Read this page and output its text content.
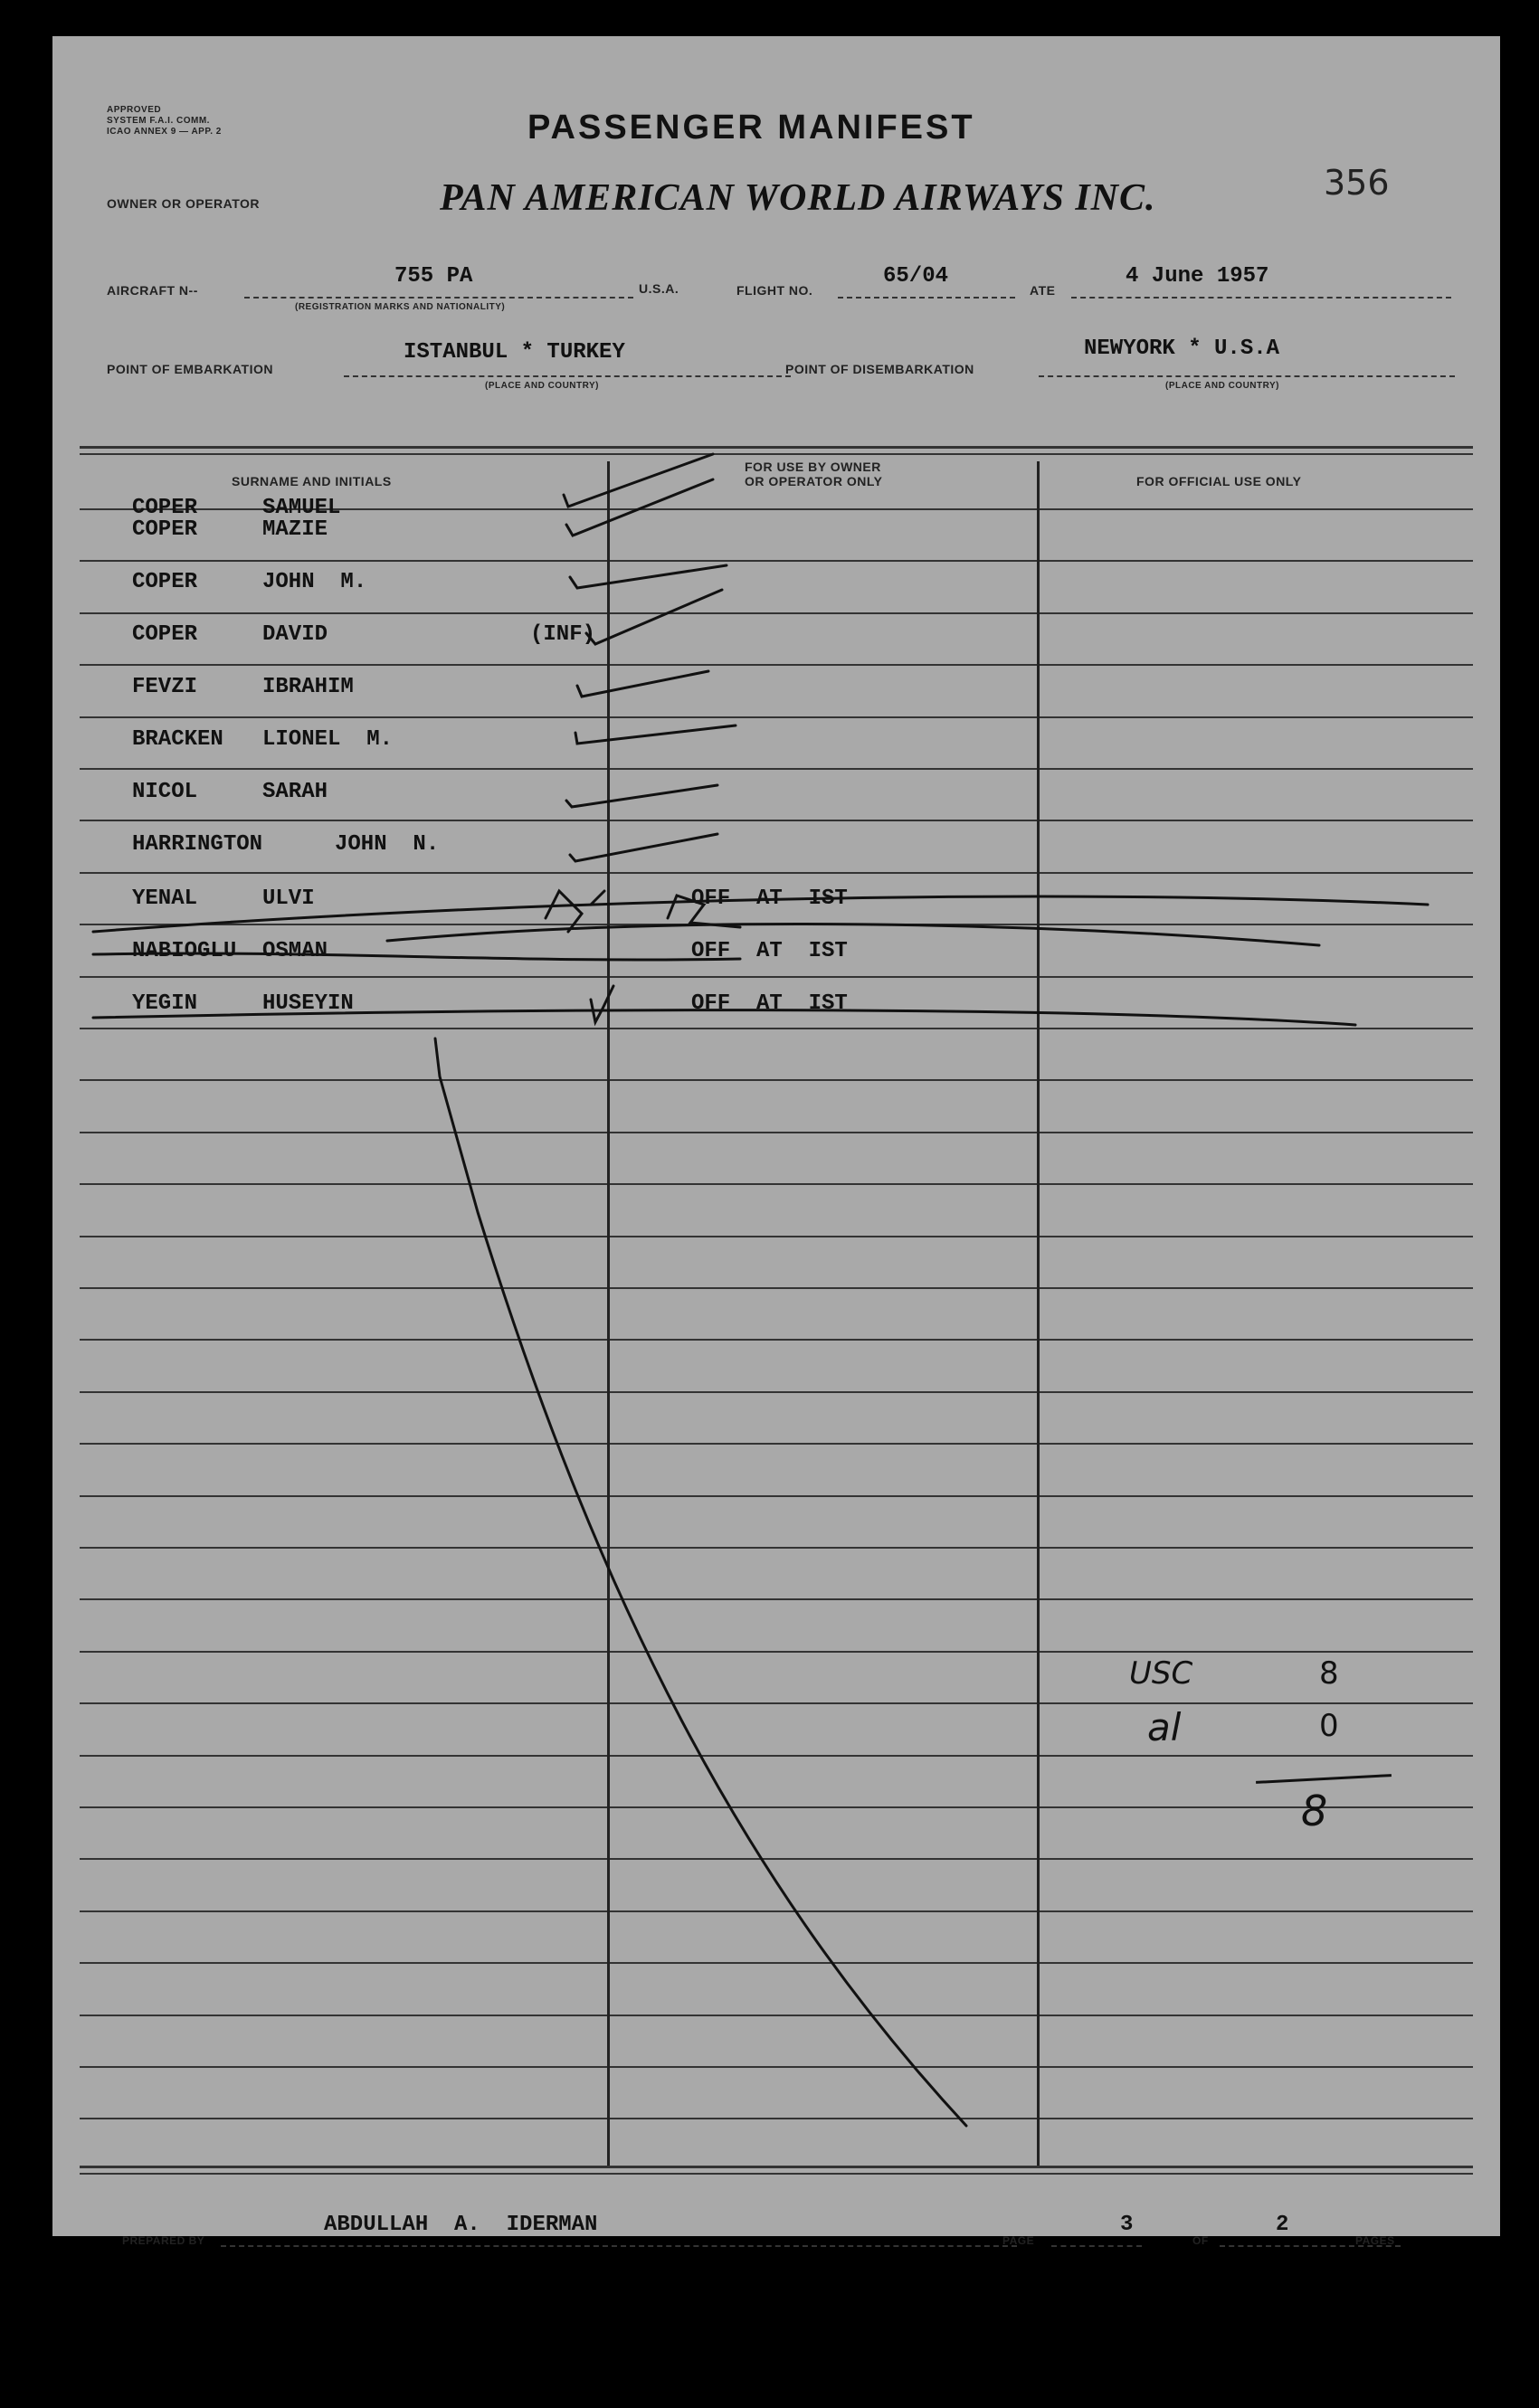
APPROVED
SYSTEM F.A.I. COMM.
ICAO ANNEX 9 — APP. 2	PASSENGER MANIFEST
356
OWNER OR OPERATOR	PAN AMERICAN WORLD AIRWAYS INC.
AIRCRAFT N--
755 PA
(REGISTRATION MARKS AND NATIONALITY)
U.S.A.	FLIGHT NO.
65/04
ATE
4 June 1957
POINT OF EMBARKATION
ISTANBUL * TURKEY
(PLACE AND COUNTRY)
POINT OF DISEMBARKATION
NEWYORK * U.S.A
(PLACE AND COUNTRY)
SURNAME AND INITIALS
FOR USE BY OWNER
OR OPERATOR ONLY	FOR OFFICIAL USE ONLY
COPER	SAMUEL
COPER	MAZIE
COPER	JOHN  M.
COPER	DAVID	(INF)
FEVZI	IBRAHIM
BRACKEN LIONEL  M.
NICOL	SARAH
HARRINGTON	JOHN  N.
YENAL	ULVI	OFF  AT  IST
NABIOGLU OSMAN	OFF  AT  IST
YEGIN	HUSEYIN	OFF  AT  IST
USC	8
al	0
8
PREPARED BY
ABDULLAH  A.  IDERMAN
PAGE
3
OF
2
PAGES
